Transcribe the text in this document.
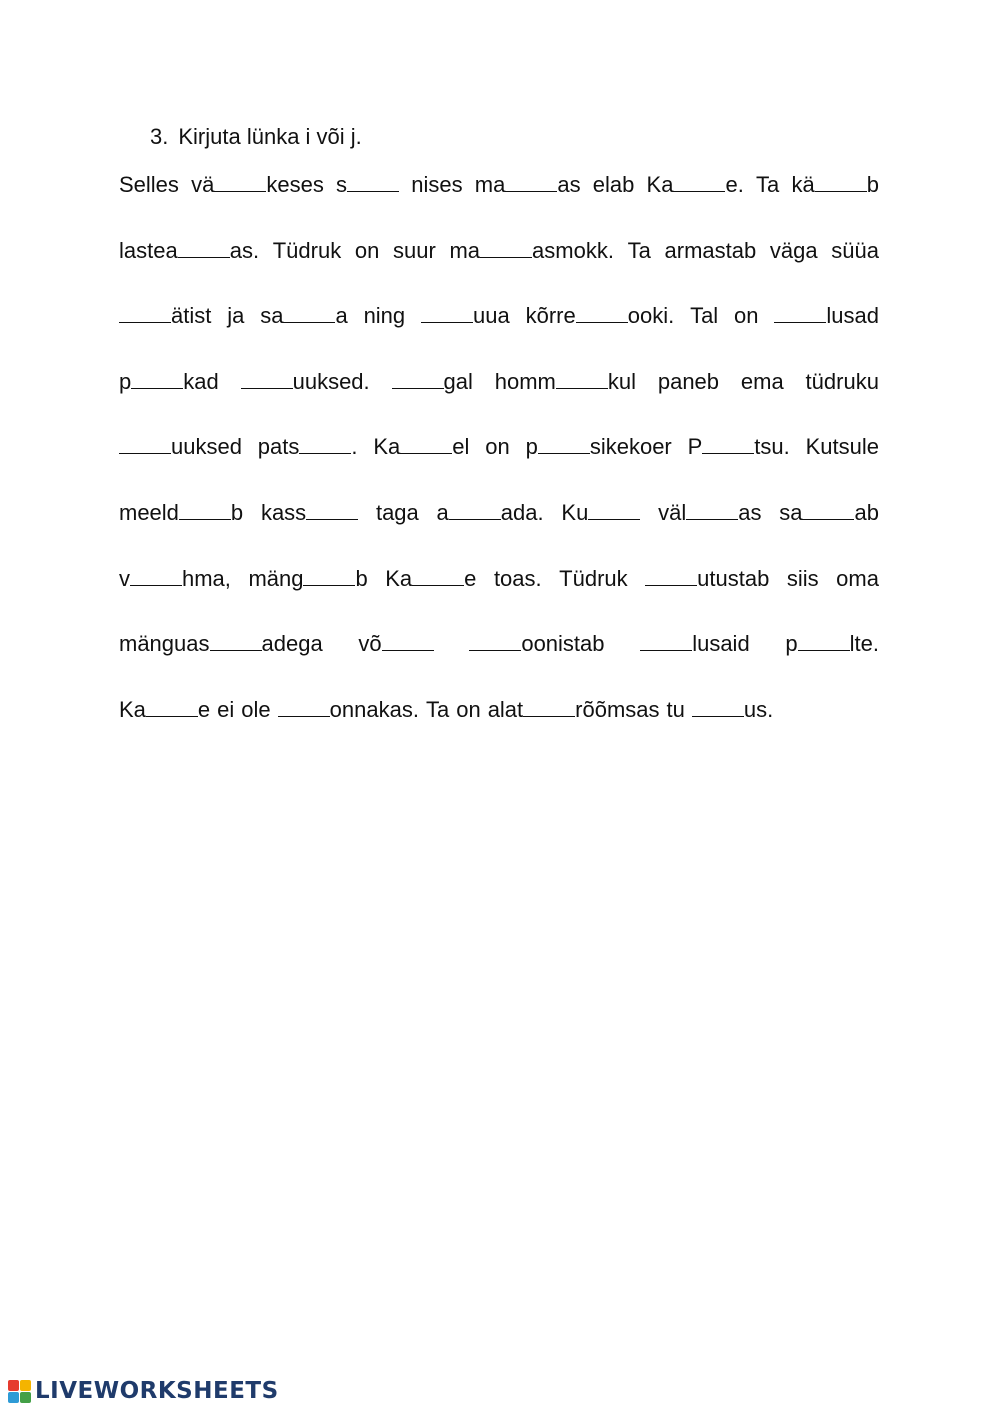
3. Kirjuta lünka i või j.
Selles vä keses s	nises ma as elab Ka e. Ta kä b
lastea as. Tüdruk on suur ma asmokk. Ta armastab väga süüa
ätist ja sa a ning	uua kõrre ooki. Tal on	lusad
p kad	uuksed.	gal homm kul paneb ema tüdruku
uuksed pats . Ka el on p sikekoer P tsu. Kutsule
meeld b kass	taga a ada. Ku	väl as sa ab
v hma, mäng b Ka e toas. Tüdruk	utustab siis oma
mänguas adega võ	oonistab	lusaid p lte.
Ka e ei ole	onnakas. Ta on alat rõõmsas tu	us.
LIVEWORKSHEETS
